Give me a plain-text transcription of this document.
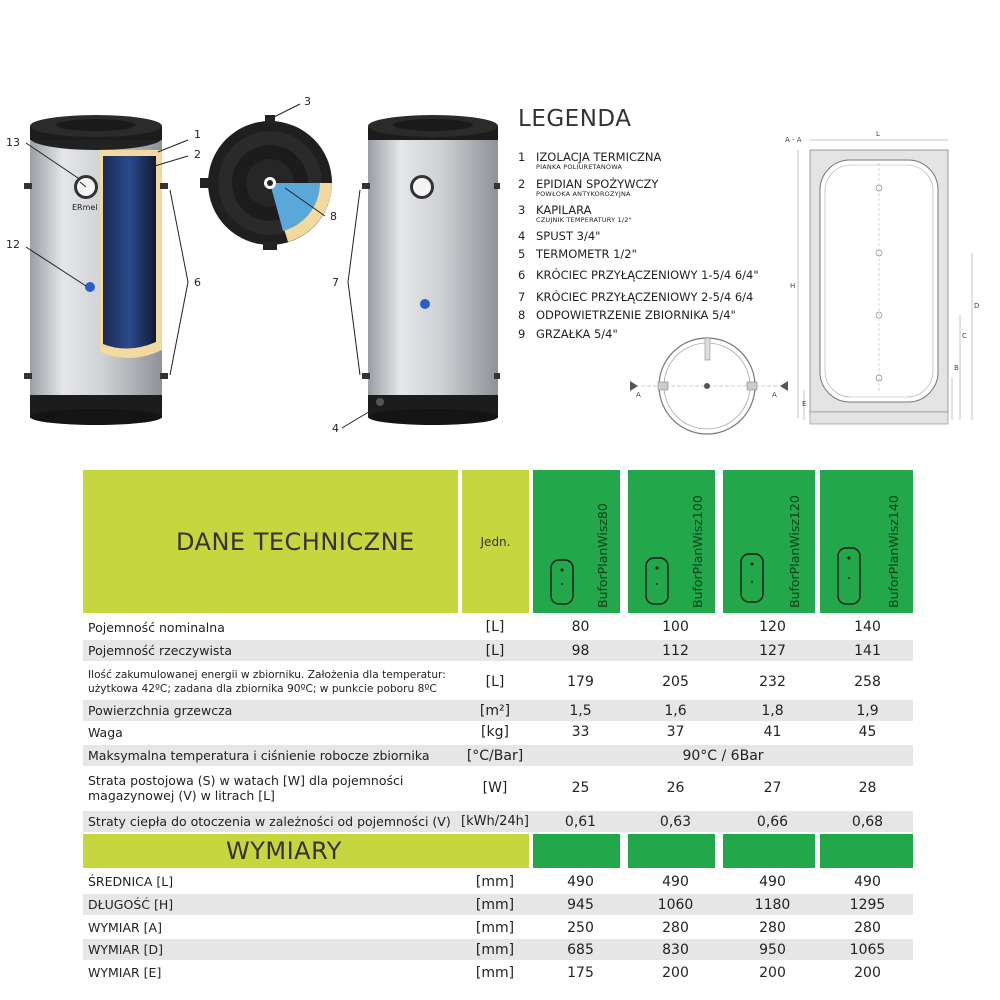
ERmel
1
2
3
4
6	7
8
12
13
LEGENDA
1 IZOLACJA TERMICZNA
PIANKA POLIURETANOWA
2 EPIDIAN SPOŻYWCZY
POWŁOKA ANTYKOROZYJNA
3 KAPILARA
CZUJNIK TEMPERATURY 1/2"
4 SPUST 3/4"
5 TERMOMETR 1/2"
6 KRÓCIEC PRZYŁĄCZENIOWY 1-5/4 6/4"
7 KRÓCIEC PRZYŁĄCZENIOWY 2-5/4 6/4
8 ODPOWIETRZENIE ZBIORNIKA 5/4"
9 GRZAŁKA 5/4"
A	A
A - A
L
H
D
C
B
E
DANE TECHNICZNE	Jedn.	BuforPlanWisz80	BuforPlanWisz100	BuforPlanWisz120	BuforPlanWisz140
Pojemność nominalna	[L]	80	100	120	140
Pojemność rzeczywista	[L]	98	112	127	141
Ilość zakumulowanej energii w zbiorniku. Założenia dla temperatur:
użytkowa 42ºC; zadana dla zbiornika 90ºC; w punkcie poboru 8ºC	[L]	179	205	232	258
Powierzchnia grzewcza	[m²]	1,5	1,6	1,8	1,9
Waga	[kg]	33	37	41	45
Maksymalna temperatura i ciśnienie robocze zbiornika	[°C/Bar]	90°C / 6Bar
Strata postojowa (S) w watach [W] dla pojemności
magazynowej (V) w litrach [L]	[W]	25	26	27	28
Straty ciepła do otoczenia w zależności od pojemności (V) [kWh/24h]	0,61	0,63	0,66	0,68
WYMIARY
ŚREDNICA [L]	[mm]	490	490	490	490
DŁUGOŚĆ [H]	[mm]	945	1060	1180	1295
WYMIAR [A]	[mm]	250	280	280	280
WYMIAR [D]	[mm]	685	830	950	1065
WYMIAR [E]	[mm]	175	200	200	200
